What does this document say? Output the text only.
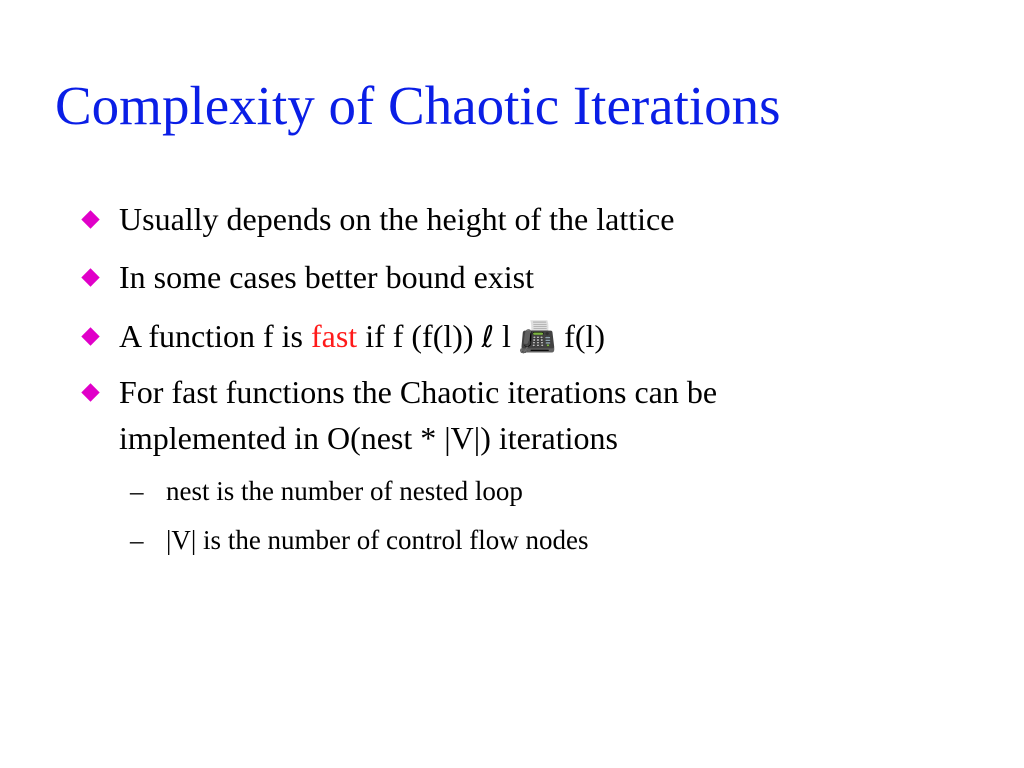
Complexity of Chaotic Iterations
Usually depends on the height of the lattice
In some cases better bound exist
A function f is fast if f (f(l)) ℓ l 📠 f(l)
For fast functions the Chaotic iterations can be
implemented in O(nest * |V|) iterations
– nest is the number of nested loop
– |V| is the number of control flow nodes
